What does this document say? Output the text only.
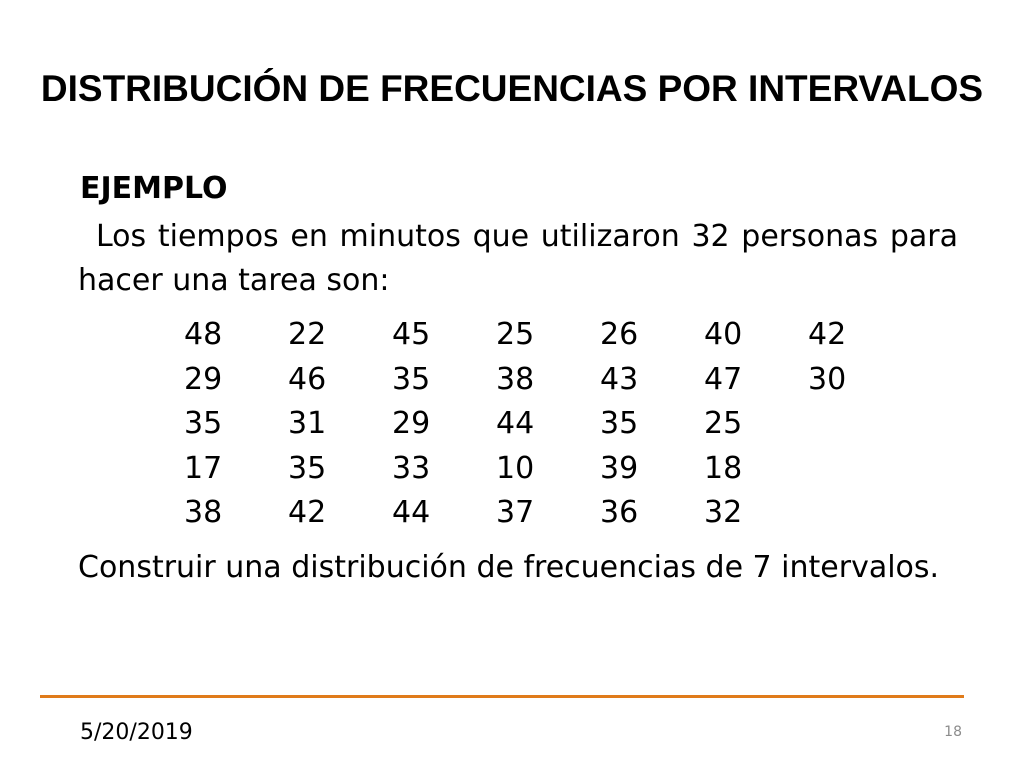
DISTRIBUCIÓN DE FRECUENCIAS POR INTERVALOS
EJEMPLO

Los tiempos en minutos que utilizaron 32 personas para hacer una tarea son:

48	22	45	25	26	40	42
29	46	35	38	43	47	30
35	31	29	44	35	25
17	35	33	10	39	18
38	42	44	37	36	32

Construir una distribución de frecuencias de 7 intervalos.

5/20/2019	18
